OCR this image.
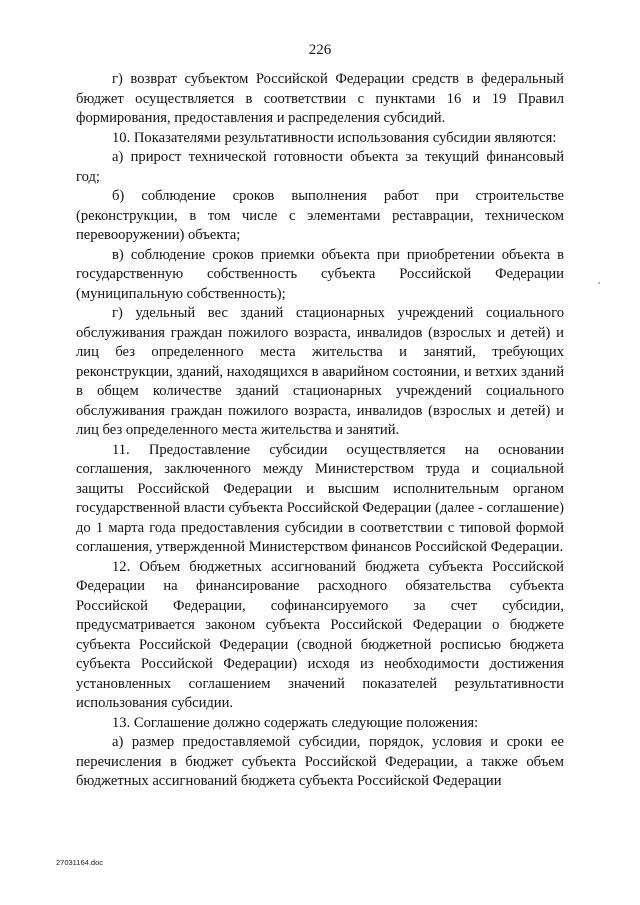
226

г) возврат субъектом Российской Федерации средств в федеральный бюджет осуществляется в соответствии с пунктами 16 и 19 Правил формирования, предоставления и распределения субсидий.

10. Показателями результативности использования субсидии являются:

а) прирост технической готовности объекта за текущий финансовый год;

б) соблюдение сроков выполнения работ при строительстве (реконструкции, в том числе с элементами реставрации, техническом перевооружении) объекта;

в) соблюдение сроков приемки объекта при приобретении объекта в государственную собственность субъекта Российской Федерации (муниципальную собственность);

г) удельный вес зданий стационарных учреждений социального обслуживания граждан пожилого возраста, инвалидов (взрослых и детей) и лиц без определенного места жительства и занятий, требующих реконструкции, зданий, находящихся в аварийном состоянии, и ветхих зданий в общем количестве зданий стационарных учреждений социального обслуживания граждан пожилого возраста, инвалидов (взрослых и детей) и лиц без определенного места жительства и занятий.

11. Предоставление субсидии осуществляется на основании соглашения, заключенного между Министерством труда и социальной защиты Российской Федерации и высшим исполнительным органом государственной власти субъекта Российской Федерации (далее - соглашение) до 1 марта года предоставления субсидии в соответствии с типовой формой соглашения, утвержденной Министерством финансов Российской Федерации.

12. Объем бюджетных ассигнований бюджета субъекта Российской Федерации на финансирование расходного обязательства субъекта Российской Федерации, софинансируемого за счет субсидии, предусматривается законом субъекта Российской Федерации о бюджете субъекта Российской Федерации (сводной бюджетной росписью бюджета субъекта Российской Федерации) исходя из необходимости достижения установленных соглашением значений показателей результативности использования субсидии.

13. Соглашение должно содержать следующие положения:

а) размер предоставляемой субсидии, порядок, условия и сроки ее перечисления в бюджет субъекта Российской Федерации, а также объем бюджетных ассигнований бюджета субъекта Российской Федерации

27031164.doc
